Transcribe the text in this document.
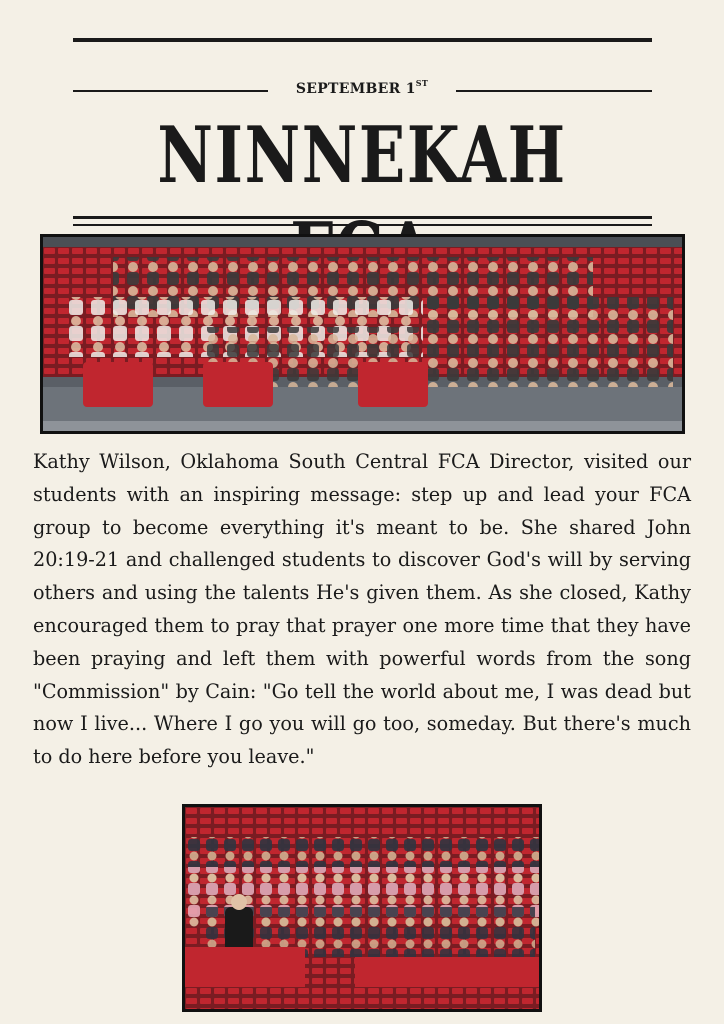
SEPTEMBER 1ST
NINNEKAH
Kathy Wilson, Oklahoma South Central FCA Director, visited our students with an inspiring message: step up and lead your FCA group to become everything it's meant to be. She shared John 20:19-21 and challenged students to discover God's will by serving others and using the talents He's given them. As she closed, Kathy encouraged them to pray that prayer one more time that they have been praying and left them with powerful words from the song "Commission" by Cain: "Go tell the world about me, I was dead but now I live... Where I go you will go too, someday. But there's much to do here before you leave."
